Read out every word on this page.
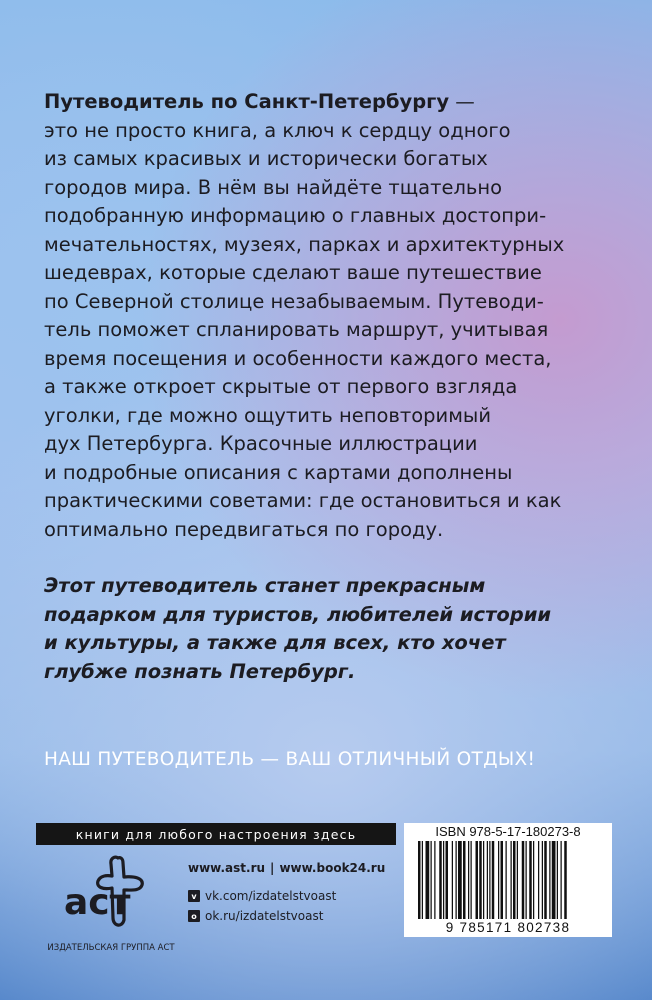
Путеводитель по Санкт-Петербургу —
это не просто книга, а ключ к сердцу одного
из самых красивых и исторически богатых
городов мира. В нём вы найдёте тщательно
подобранную информацию о главных достопри-
мечательностях, музеях, парках и архитектурных
шедеврах, которые сделают ваше путешествие
по Северной столице незабываемым. Путеводи-
тель поможет спланировать маршрут, учитывая
время посещения и особенности каждого места,
а также откроет скрытые от первого взгляда
уголки, где можно ощутить неповторимый
дух Петербурга. Красочные иллюстрации
и подробные описания с картами дополнены
практическими советами: где остановиться и как
оптимально передвигаться по городу.

Этот путеводитель станет прекрасным
подарком для туристов, любителей истории
и культуры, а также для всех, кто хочет
глубже познать Петербург.

НАШ ПУТЕВОДИТЕЛЬ — ВАШ ОТЛИЧНЫЙ ОТДЫХ!

книги для любого настроения здесь
аст
ИЗДАТЕЛЬСКАЯ ГРУППА АСТ
www.ast.ru | www.book24.ru
v vk.com/izdatelstvoast
o ok.ru/izdatelstvoast
ISBN 978-5-17-180273-8
9 785171 802738
